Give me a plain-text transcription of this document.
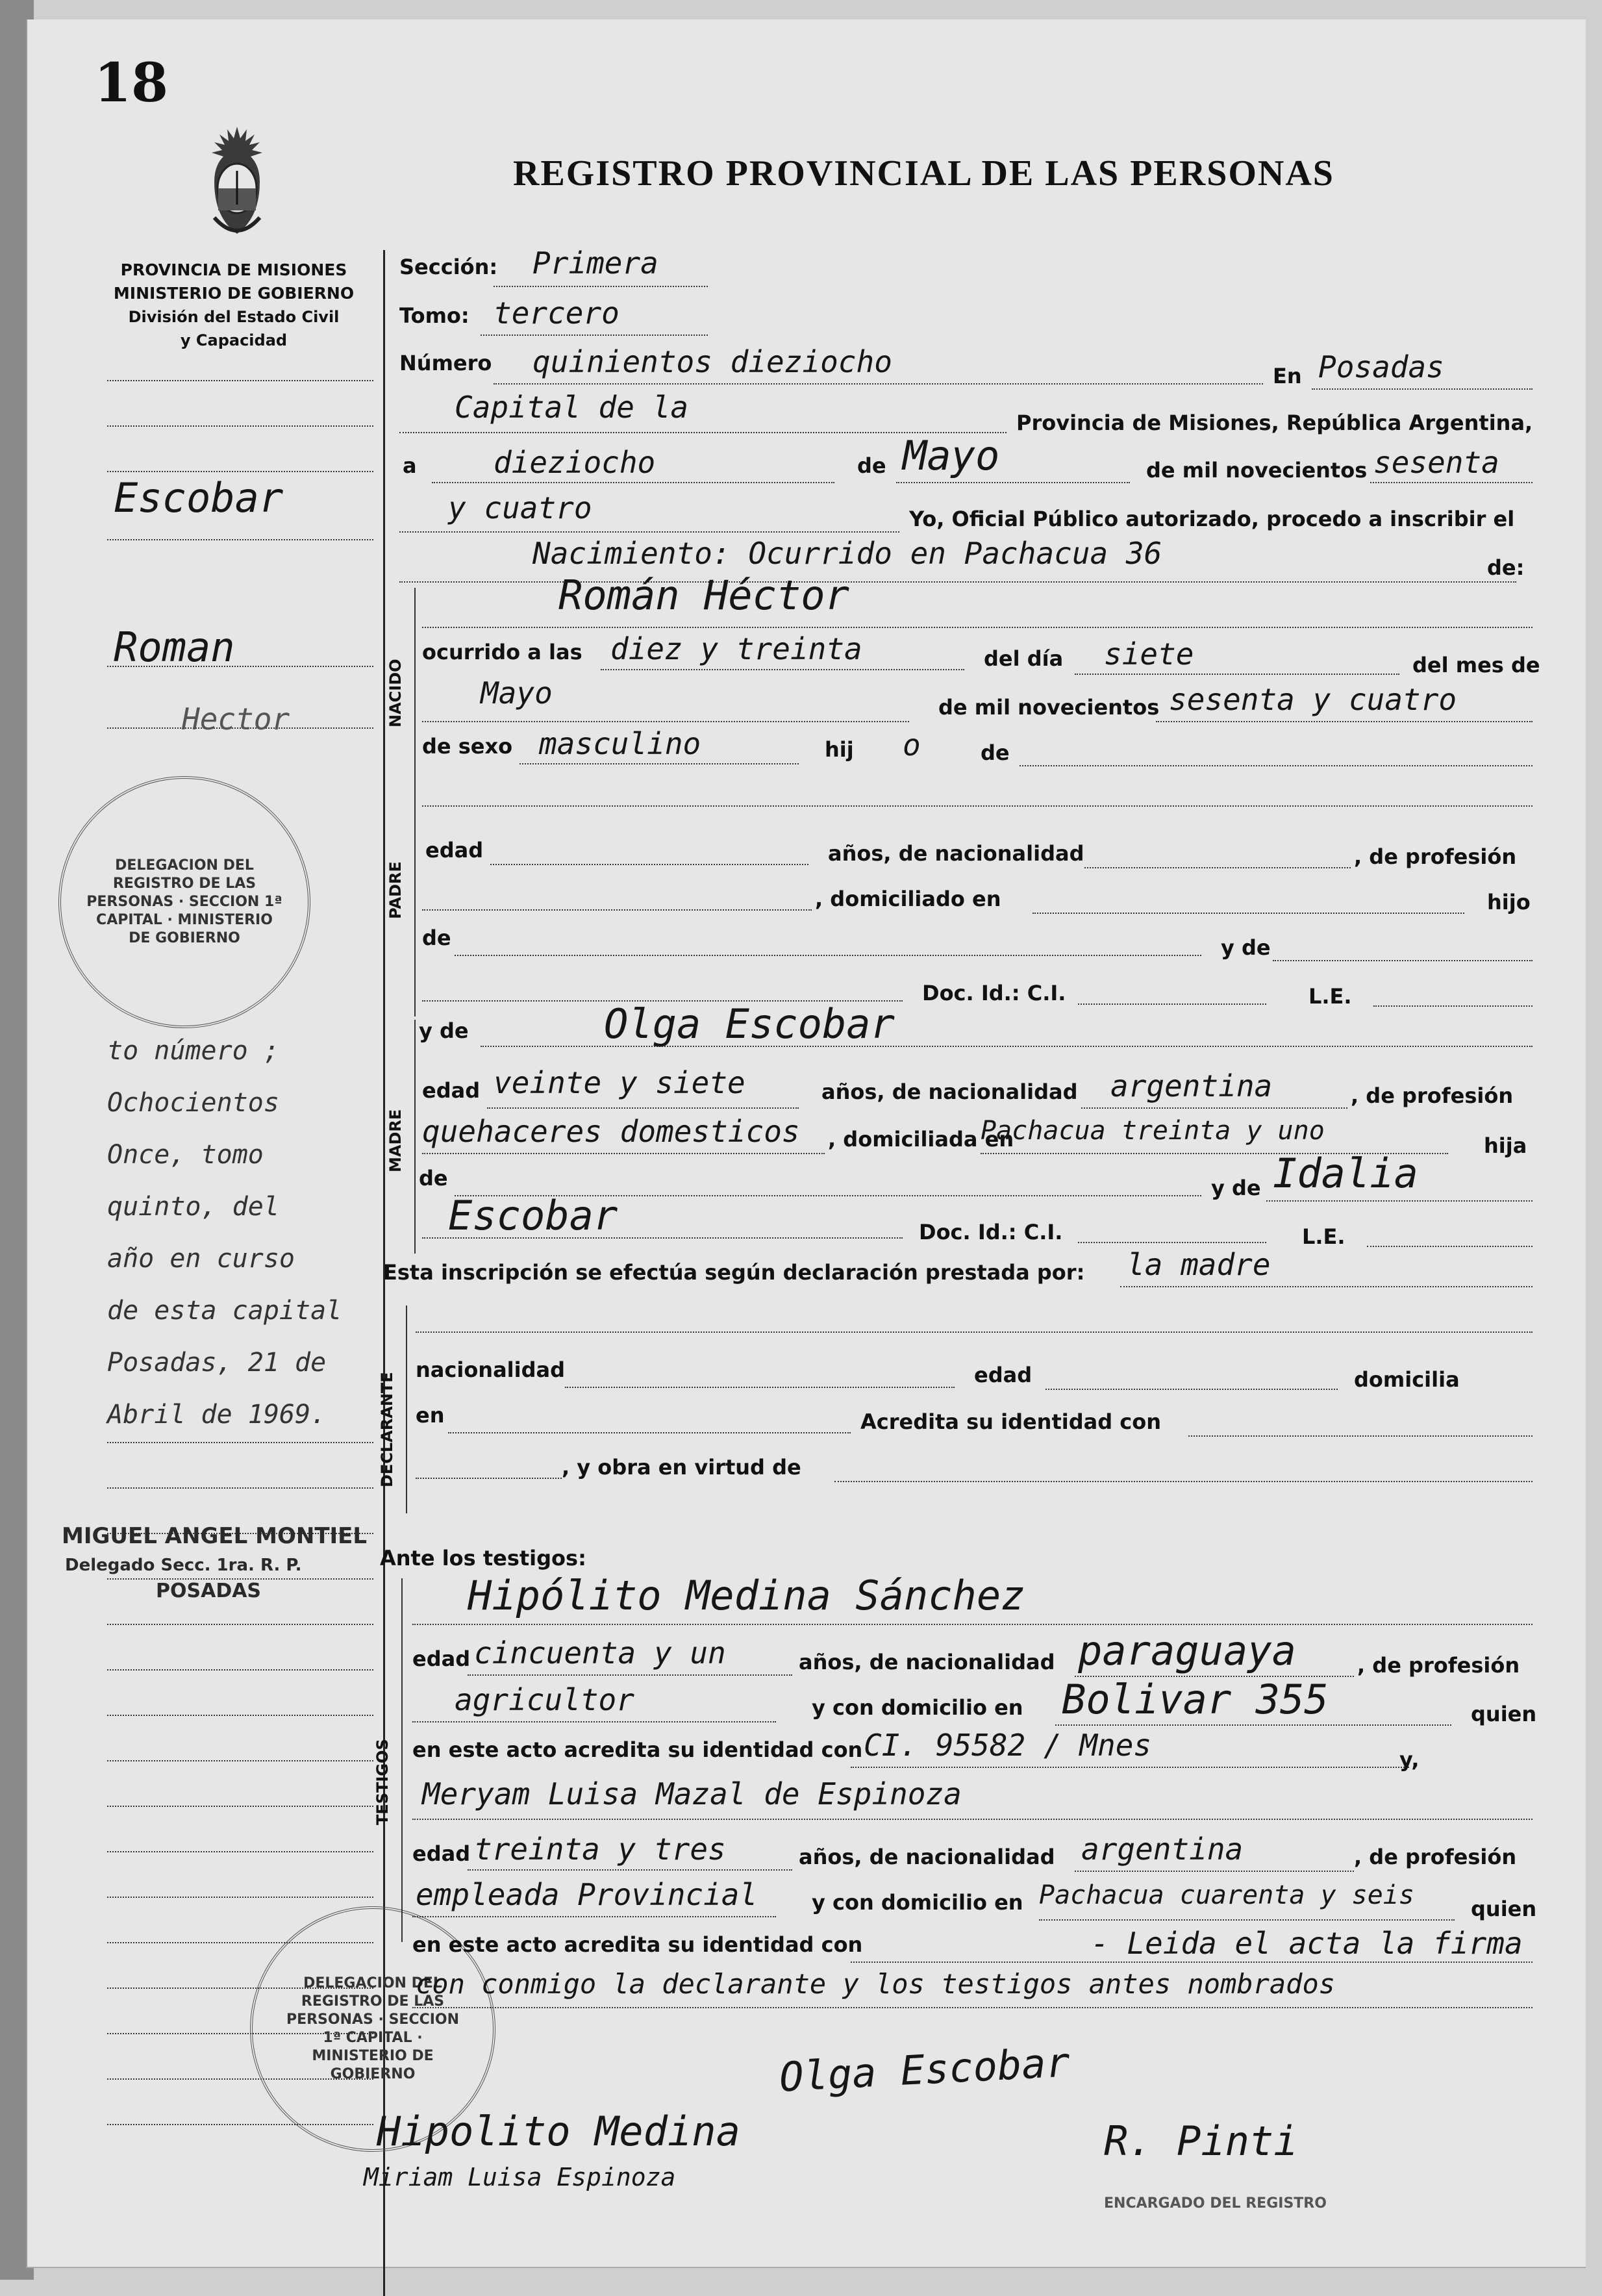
18
REGISTRO PROVINCIAL DE LAS PERSONAS
PROVINCIA DE MISIONES
MINISTERIO DE GOBIERNO
División del Estado Civil
y Capacidad
Escobar
Roman
Hector
to número ;
Ochocientos
Once, tomo
quinto, del
año en curso
de esta capital
Posadas, 21 de
Abril de 1969.
DELEGACION DEL REGISTRO DE LAS PERSONAS · SECCION 1ª CAPITAL · MINISTERIO DE GOBIERNO
MIGUEL ANGEL MONTIEL
Delegado Secc. 1ra. R. P.
POSADAS
DELEGACION DEL REGISTRO DE LAS PERSONAS · SECCION 1ª CAPITAL · MINISTERIO DE GOBIERNO
Sección: Primera
Tomo: tercero
Número quinientos dieziocho	En Posadas
Capital de la	Provincia de Misiones, República Argentina,
a	dieziocho	de Mayo	de mil novecientos sesenta
y cuatro	Yo, Oficial Público autorizado, procedo a inscribir el
Nacimiento: Ocurrido en Pachacua 36	de:
NACIDO
Román Héctor
ocurrido a las diez y treinta	del día siete	del mes de
Mayo	de mil novecientos sesenta y cuatro
de sexo masculino	hij o	de
PADRE
edad	años, de nacionalidad	, de profesión
, domiciliado en	hijo
de	y de
Doc. Id.: C.I.	L.E.
MADRE
y de	Olga Escobar
edad veinte y siete	años, de nacionalidad argentina	, de profesión
quehaceres domesticos , domiciliada en
Pachacua treinta y uno	hija
de	y de Idalia
Escobar	Doc. Id.: C.I.	L.E.
Esta inscripción se efectúa según declaración prestada por: la madre
DECLARANTE
nacionalidad	edad	domicilia
en	Acredita su identidad con
, y obra en virtud de
Ante los testigos:
TESTIGOS
Hipólito Medina Sánchez
edad cincuenta y un	años, de nacionalidad paraguaya	, de profesión
agricultor	y con domicilio en Bolivar 355	quien
en este acto acredita su identidad con CI. 95582 / Mnes	y,
Meryam Luisa Mazal de Espinoza
edad treinta y tres	años, de nacionalidad argentina	, de profesión
empleada Provincial	y con domicilio en Pachacua cuarenta y seis	quien
en este acto acredita su identidad con	- Leida el acta la firma
con conmigo la declarante y los testigos antes nombrados
Olga Escobar
Hipolito Medina
Miriam Luisa Espinoza
R. Pinti
ENCARGADO DEL REGISTRO
